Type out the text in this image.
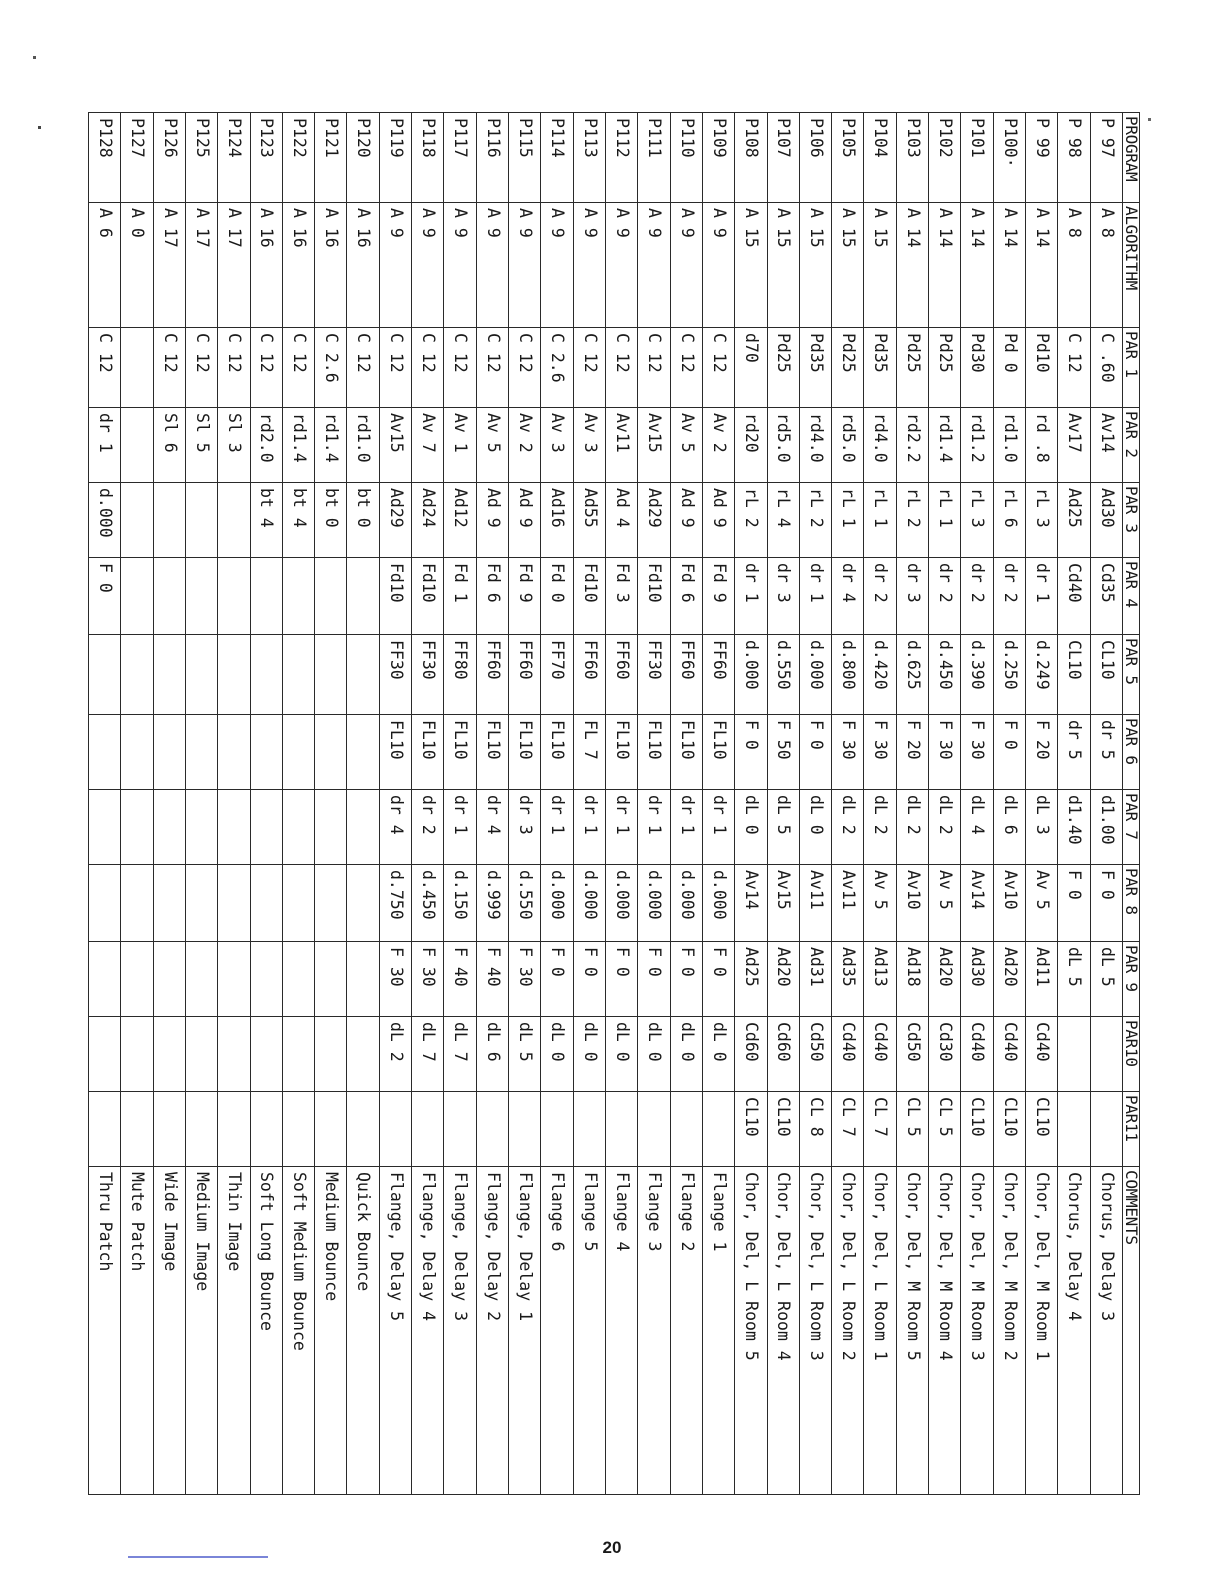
PROGRAM	ALGORITHM	PAR 1	PAR 2	PAR 3	PAR 4	PAR 5	PAR 6	PAR 7	PAR 8	PAR 9	PAR10	PAR11	COMMENTS
P 97	A 8	C .60	Av14	Ad30	Cd35	CL10	dr 5	d1.00	F 0	dL 5			Chorus, Delay 3
P 98	A 8	C 12	Av17	Ad25	Cd40	CL10	dr 5	d1.40	F 0	dL 5			Chorus, Delay 4
P 99	A 14	Pd10	rd .8	rL 3	dr 1	d.249	F 20	dL 3	Av 5	Ad11	Cd40	CL10	Chor, Del, M Room 1
P100·	A 14	Pd 0	rd1.0	rL 6	dr 2	d.250	F 0	dL 6	Av10	Ad20	Cd40	CL10	Chor, Del, M Room 2
P101	A 14	Pd30	rd1.2	rL 3	dr 2	d.390	F 30	dL 4	Av14	Ad30	Cd40	CL10	Chor, Del, M Room 3
P102	A 14	Pd25	rd1.4	rL 1	dr 2	d.450	F 30	dL 2	Av 5	Ad20	Cd30	CL 5	Chor, Del, M Room 4
P103	A 14	Pd25	rd2.2	rL 2	dr 3	d.625	F 20	dL 2	Av10	Ad18	Cd50	CL 5	Chor, Del, M Room 5
P104	A 15	Pd35	rd4.0	rL 1	dr 2	d.420	F 30	dL 2	Av 5	Ad13	Cd40	CL 7	Chor, Del, L Room 1
P105	A 15	Pd25	rd5.0	rL 1	dr 4	d.800	F 30	dL 2	Av11	Ad35	Cd40	CL 7	Chor, Del, L Room 2
P106	A 15	Pd35	rd4.0	rL 2	dr 1	d.000	F 0	dL 0	Av11	Ad31	Cd50	CL 8	Chor, Del, L Room 3
P107	A 15	Pd25	rd5.0	rL 4	dr 3	d.550	F 50	dL 5	Av15	Ad20	Cd60	CL10	Chor, Del, L Room 4
P108	A 15	d70	rd20	rL 2	dr 1	d.000	F 0	dL 0	Av14	Ad25	Cd60	CL10	Chor, Del, L Room 5
P109	A 9	C 12	Av 2	Ad 9	Fd 9	FF60	FL10	dr 1	d.000	F 0	dL 0		Flange 1
P110	A 9	C 12	Av 5	Ad 9	Fd 6	FF60	FL10	dr 1	d.000	F 0	dL 0		Flange 2
P111	A 9	C 12	Av15	Ad29	Fd10	FF30	FL10	dr 1	d.000	F 0	dL 0		Flange 3
P112	A 9	C 12	Av11	Ad 4	Fd 3	FF60	FL10	dr 1	d.000	F 0	dL 0		Flange 4
P113	A 9	C 12	Av 3	Ad55	Fd10	FF60	FL 7	dr 1	d.000	F 0	dL 0		Flange 5
P114	A 9	C 2.6	Av 3	Ad16	Fd 0	FF70	FL10	dr 1	d.000	F 0	dL 0		Flange 6
P115	A 9	C 12	Av 2	Ad 9	Fd 9	FF60	FL10	dr 3	d.550	F 30	dL 5		Flange, Delay 1
P116	A 9	C 12	Av 5	Ad 9	Fd 6	FF60	FL10	dr 4	d.999	F 40	dL 6		Flange, Delay 2
P117	A 9	C 12	Av 1	Ad12	Fd 1	FF80	FL10	dr 1	d.150	F 40	dL 7		Flange, Delay 3
P118	A 9	C 12	Av 7	Ad24	Fd10	FF30	FL10	dr 2	d.450	F 30	dL 7		Flange, Delay 4
P119	A 9	C 12	Av15	Ad29	Fd10	FF30	FL10	dr 4	d.750	F 30	dL 2		Flange, Delay 5
P120	A 16	C 12	rd1.0	bt 0									Quick Bounce
P121	A 16	C 2.6	rd1.4	bt 0									Medium Bounce
P122	A 16	C 12	rd1.4	bt 4									Soft Medium Bounce
P123	A 16	C 12	rd2.0	bt 4									Soft Long Bounce
P124	A 17	C 12	Sl 3										Thin Image
P125	A 17	C 12	Sl 5										Medium Image
P126	A 17	C 12	Sl 6										Wide Image
P127	A 0												Mute Patch
P128	A 6	C 12	dr 1	d.000	F 0								Thru Patch
20
